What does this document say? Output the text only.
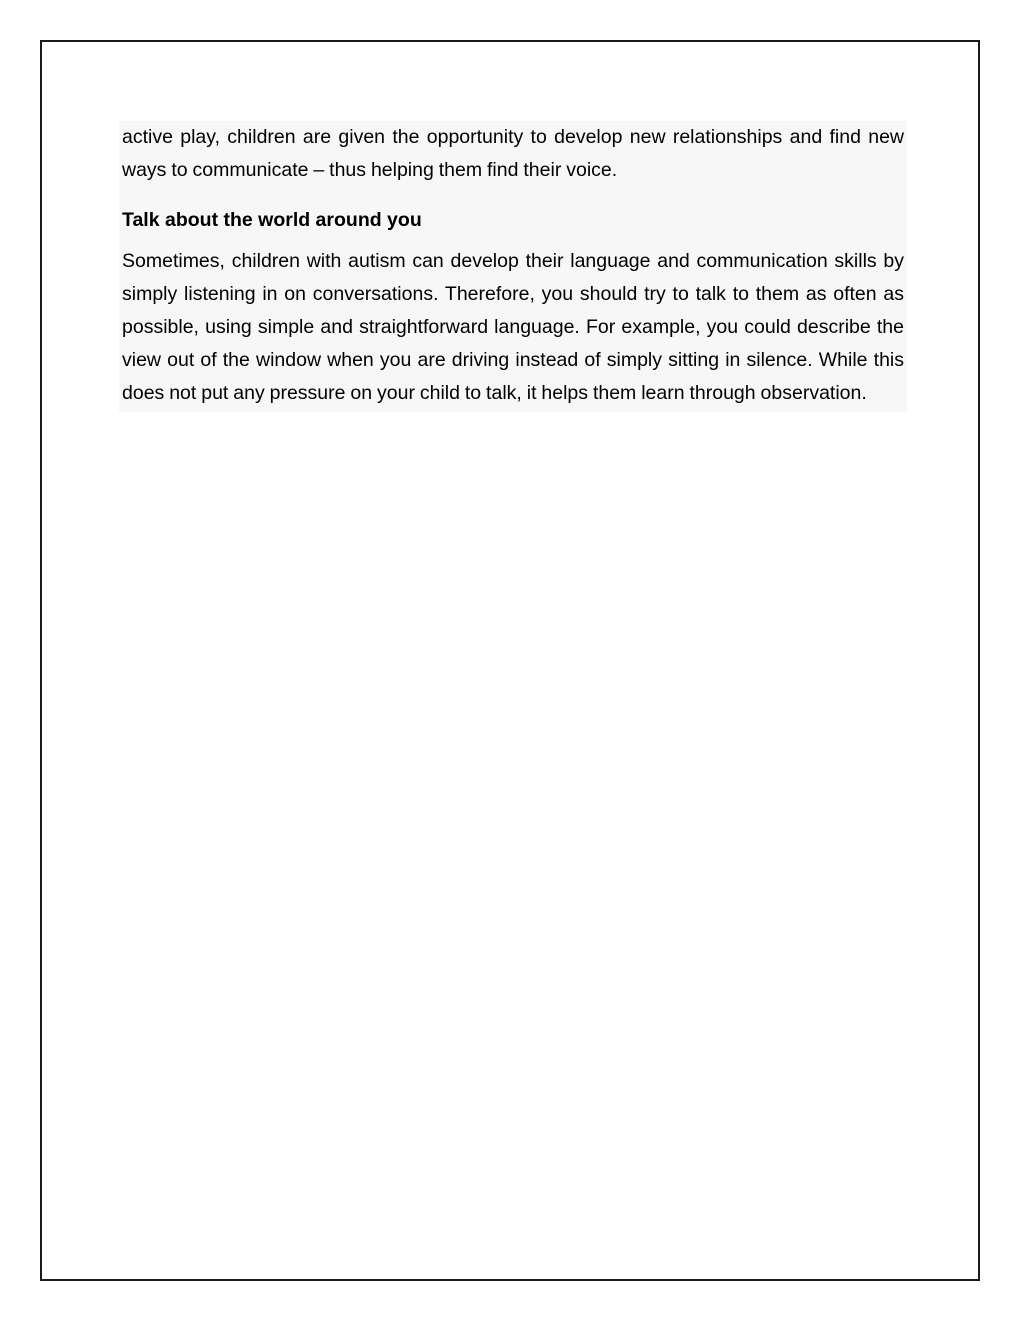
active play, children are given the opportunity to develop new relationships and find new ways to communicate – thus helping them find their voice.

Talk about the world around you

Sometimes, children with autism can develop their language and communication skills by simply listening in on conversations. Therefore, you should try to talk to them as often as possible, using simple and straightforward language. For example, you could describe the view out of the window when you are driving instead of simply sitting in silence. While this does not put any pressure on your child to talk, it helps them learn through observation.
